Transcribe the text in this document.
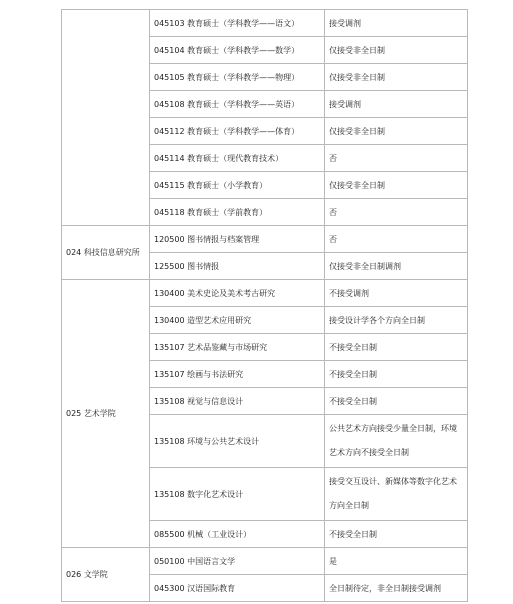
	045103 教育硕士（学科教学——语文）	接受调剂
	045104 教育硕士（学科教学——数学）	仅接受非全日制
	045105 教育硕士（学科教学——物理）	仅接受非全日制
	045108 教育硕士（学科教学——英语）	接受调剂
	045112 教育硕士（学科教学——体育）	仅接受非全日制
	045114 教育硕士（现代教育技术）	否
	045115 教育硕士（小学教育）	仅接受非全日制
	045118 教育硕士（学前教育）	否

024 科技信息研究所	120500 图书情报与档案管理	否
	125500 图书情报	仅接受非全日制调剂
025 艺术学院	130400 美术史论及美术考古研究	不接受调剂
	130400 造型艺术应用研究	接受设计学各个方向全日制
	135107 艺术品鉴藏与市场研究	不接受全日制
	135107 绘画与书法研究	不接受全日制
	135108 视觉与信息设计	不接受全日制
	135108 环境与公共艺术设计	公共艺术方向接受少量全日制，环境艺术方向不接受全日制
	135108 数字化艺术设计	接受交互设计、新媒体等数字化艺术方向全日制
	085500 机械（工业设计）	不接受全日制
026 文学院	050100 中国语言文学	是
	045300 汉语国际教育	全日制待定，非全日制接受调剂
